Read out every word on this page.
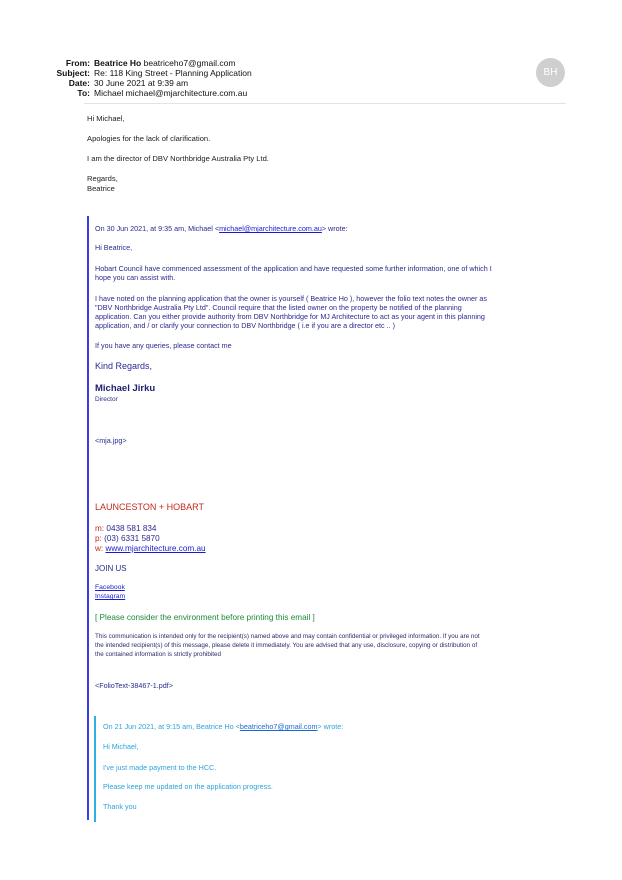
From: Beatrice Ho beatriceho7@gmail.com
Subject: Re: 118 King Street - Planning Application
Date: 30 June 2021 at 9:39 am
To: Michael michael@mjarchitecture.com.au
BH
Hi Michael,
Apologies for the lack of clarification.
I am the director of DBV Northbridge Australia Pty Ltd.
Regards,
Beatrice
On 30 Jun 2021, at 9:35 am, Michael <michael@mjarchitecture.com.au> wrote:
Hi Beatrice,
Hobart Council have commenced assessment of the application and have requested some further information, one of which I
hope you can assist with.
I have noted on the planning application that the owner is yourself ( Beatrice Ho ), however the folio text notes the owner as
"DBV Northbridge Australia Pty Ltd". Council require that the listed owner on the property be notified of the planning
application. Can you either provide authority from DBV Northbridge for MJ Architecture to act as your agent in this planning
application, and / or clarify your connection to DBV Northbridge ( i.e if you are a director etc .. )
If you have any queries, please contact me
Kind Regards,
Michael Jirku
Director
<mja.jpg>
LAUNCESTON + HOBART
m: 0438 581 834
p: (03) 6331 5870
w: www.mjarchitecture.com.au
JOIN US
Facebook
Instagram
[ Please consider the environment before printing this email ]
This communication is intended only for the recipient(s) named above and may contain confidential or privileged information. If you are not
the intended recipient(s) of this message, please delete it immediately. You are advised that any use, disclosure, copying or distribution of
the contained information is strictly prohibited
<FolioText-38467-1.pdf>
On 21 Jun 2021, at 9:15 am, Beatrice Ho <beatriceho7@gmail.com> wrote:
Hi Michael,
I've just made payment to the HCC.
Please keep me updated on the application progress.
Thank you
